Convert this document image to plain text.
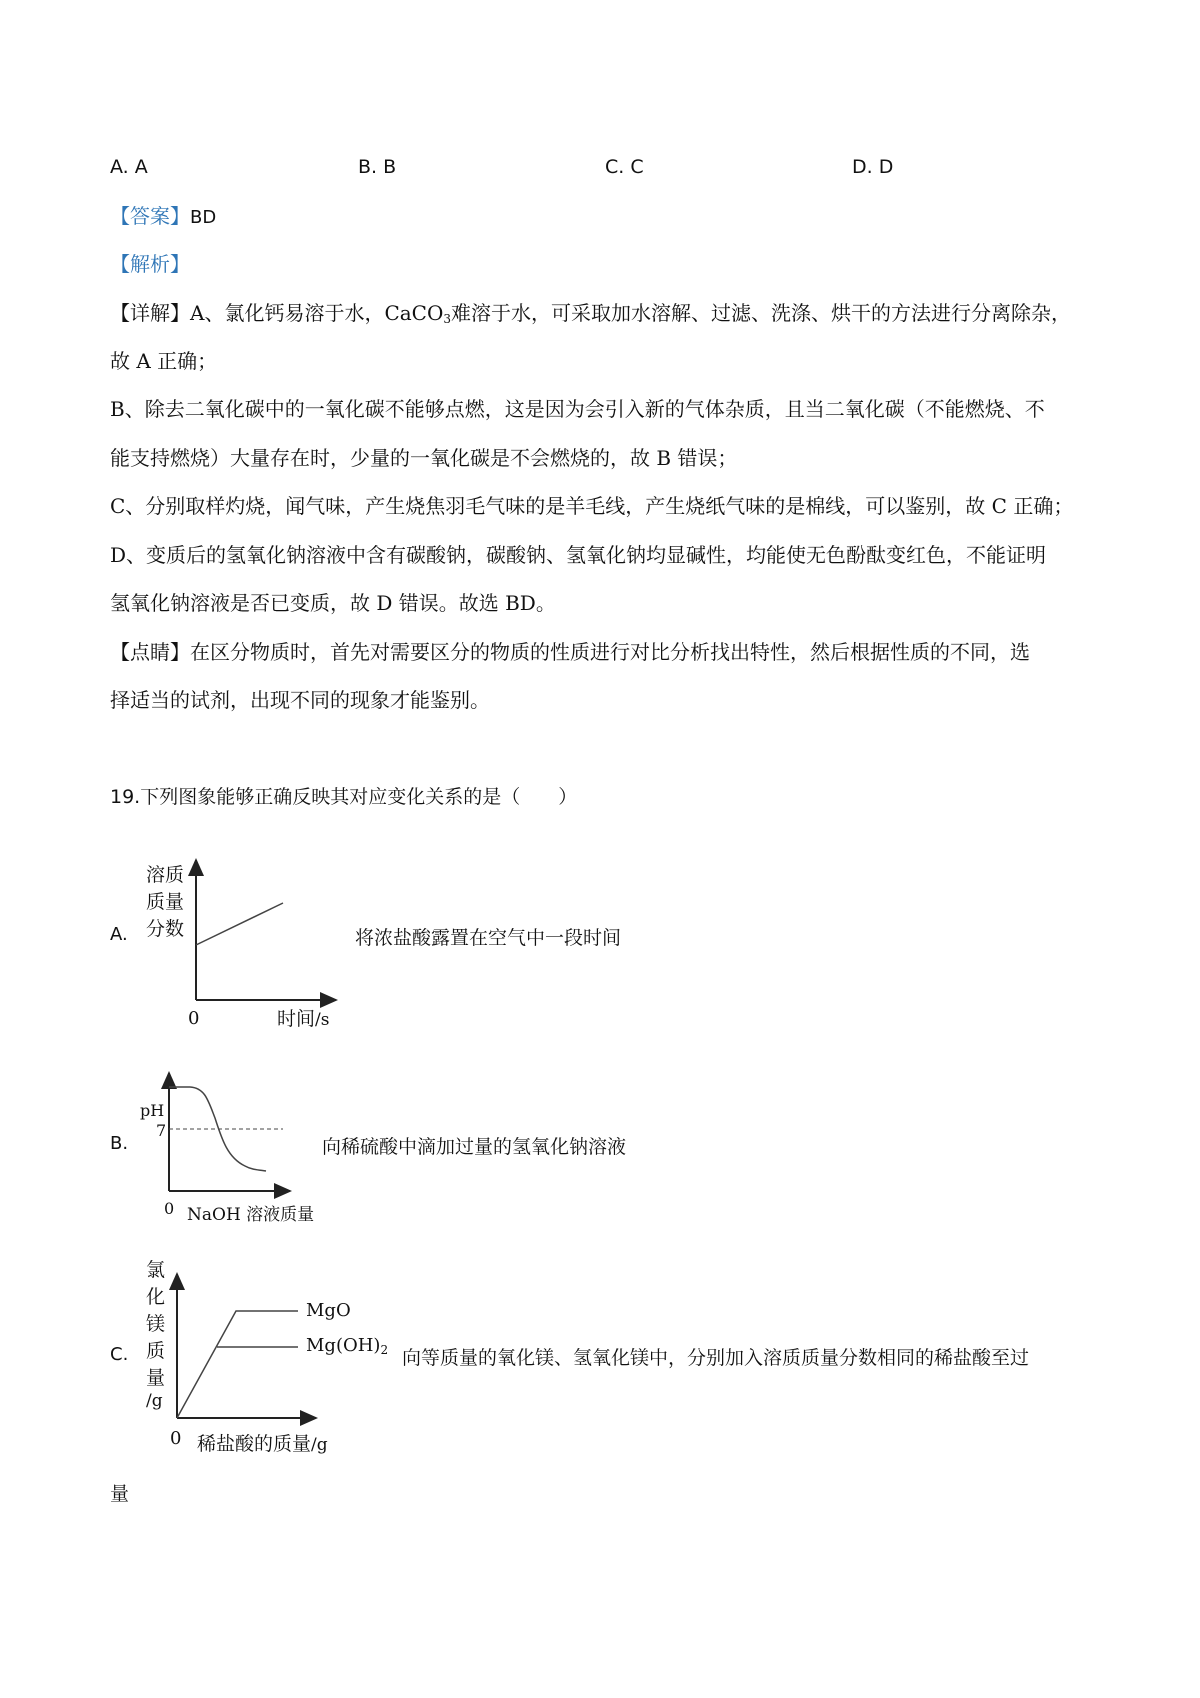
A. A	B. B	C. C	D. D
【答案】BD
【解析】
【详解】A、氯化钙易溶于水，CaCO$_3$难溶于水，可采取加水溶解、过滤、洗涤、烘干的方法进行分离除杂，
故 A 正确；
B、除去二氧化碳中的一氧化碳不能够点燃，这是因为会引入新的气体杂质，且当二氧化碳（不能燃烧、不
能支持燃烧）大量存在时，少量的一氧化碳是不会燃烧的，故 B 错误；
C、分别取样灼烧，闻气味，产生烧焦羽毛气味的是羊毛线，产生烧纸气味的是棉线，可以鉴别，故 C 正确；
D、变质后的氢氧化钠溶液中含有碳酸钠，碳酸钠、氢氧化钠均显碱性，均能使无色酚酞变红色，不能证明
氢氧化钠溶液是否已变质，故 D 错误。故选 BD。
【点睛】在区分物质时，首先对需要区分的物质的性质进行对比分析找出特性，然后根据性质的不同，选
择适当的试剂，出现不同的现象才能鉴别。
19.下列图象能够正确反映其对应变化关系的是（　　）
A.
溶质
质量
分数
0	时间/s
将浓盐酸露置在空气中一段时间
B.
pH
7
0 NaOH 溶液质量
向稀硫酸中滴加过量的氢氧化钠溶液
C.
氯
化
镁
质
量
/g
0 稀盐酸的质量/g
MgO
$Mg(OH)_2$ 向等质量的氧化镁、氢氧化镁中，分别加入溶质质量分数相同的稀盐酸至过
量
